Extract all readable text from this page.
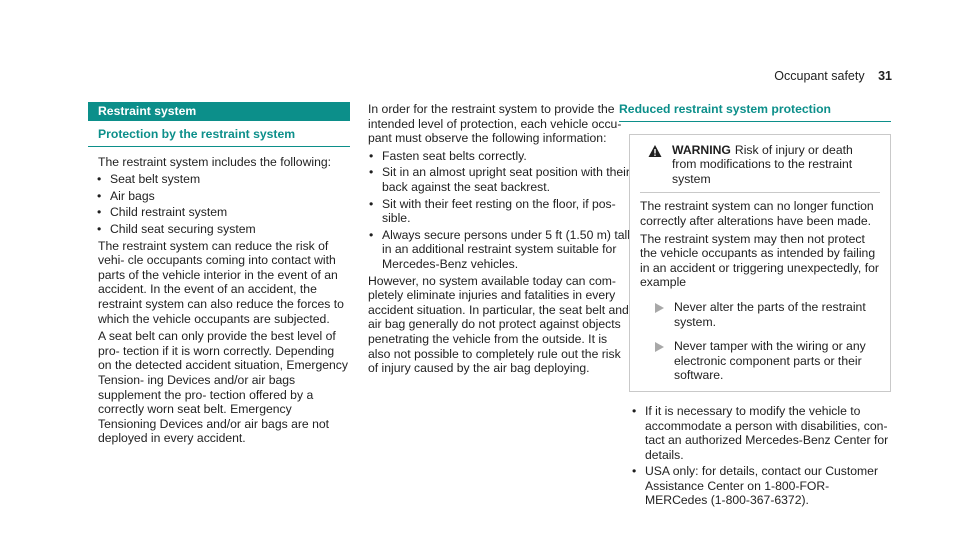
Occupant safety 31
Restraint system
Protection by the restraint system

The restraint system includes the following:

• Seat belt system
• Air bags
• Child restraint system
• Child seat securing system

The restraint system can reduce the risk of vehi- cle occupants coming into contact with parts of the vehicle interior in the event of an accident. In the event of an accident, the restraint system can also reduce the forces to which the vehicle occupants are subjected.

A seat belt can only provide the best level of pro- tection if it is worn correctly. Depending on the detected accident situation, Emergency Tension- ing Devices and/or air bags supplement the pro- tection offered by a correctly worn seat belt. Emergency Tensioning Devices and/or air bags are not deployed in every accident.

In order for the restraint system to provide the intended level of protection, each vehicle occu- pant must observe the following information:

• Fasten seat belts correctly.
• Sit in an almost upright seat position with their back against the seat backrest.
• Sit with their feet resting on the floor, if pos- sible.
• Always secure persons under 5 ft (1.50 m) tall in an additional restraint system suitable for Mercedes-Benz vehicles.

However, no system available today can com- pletely eliminate injuries and fatalities in every accident situation. In particular, the seat belt and air bag generally do not protect against objects penetrating the vehicle from the outside. It is also not possible to completely rule out the risk of injury caused by the air bag deploying.

Reduced restraint system protection
WARNING Risk of injury or death from modifications to the restraint system

The restraint system can no longer function correctly after alterations have been made.

The restraint system may then not protect the vehicle occupants as intended by failing in an accident or triggering unexpectedly, for example

Never alter the parts of the restraint system.
Never tamper with the wiring or any electronic component parts or their software.
• If it is necessary to modify the vehicle to accommodate a person with disabilities, con- tact an authorized Mercedes-Benz Center for details.
• USA only: for details, contact our Customer Assistance Center on 1-800-FOR-MERCedes (1-800-367-6372).
